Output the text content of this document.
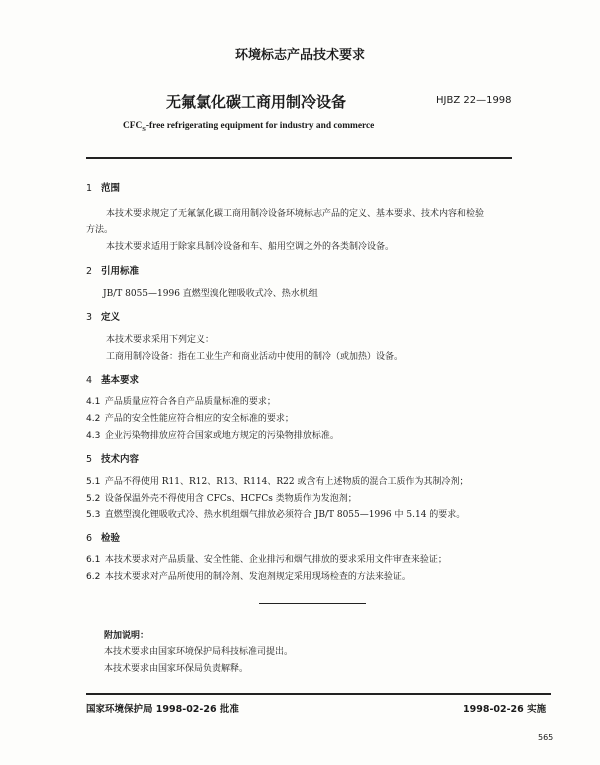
环境标志产品技术要求
无氟氯化碳工商用制冷设备	HJBZ 22—1998
$CFC_S$-free refrigerating equipment for industry and commerce
1 范围
本技术要求规定了无氟氯化碳工商用制冷设备环境标志产品的定义、基本要求、技术内容和检验
方法。
本技术要求适用于除家具制冷设备和车、船用空调之外的各类制冷设备。
2 引用标准
JB/T 8055—1996 直燃型溴化锂吸收式冷、热水机组
3 定义
本技术要求采用下列定义：
工商用制冷设备：指在工业生产和商业活动中使用的制冷（或加热）设备。
4 基本要求
4.1 产品质量应符合各自产品质量标准的要求；
4.2 产品的安全性能应符合相应的安全标准的要求；
4.3 企业污染物排放应符合国家或地方规定的污染物排放标准。
5 技术内容
5.1 产品不得使用 R11、R12、R13、R114、R22 或含有上述物质的混合工质作为其制冷剂；
5.2 设备保温外壳不得使用含 CFCs、HCFCs 类物质作为发泡剂；
5.3 直燃型溴化锂吸收式冷、热水机组烟气排放必须符合 JB/T 8055—1996 中 5.14 的要求。
6 检验
6.1 本技术要求对产品质量、安全性能、企业排污和烟气排放的要求采用文件审查来验证；
6.2 本技术要求对产品所使用的制冷剂、发泡剂规定采用现场检查的方法来验证。
附加说明：
本技术要求由国家环境保护局科技标准司提出。
本技术要求由国家环保局负责解释。
国家环境保护局 1998-02-26 批准	1998-02-26 实施
565
